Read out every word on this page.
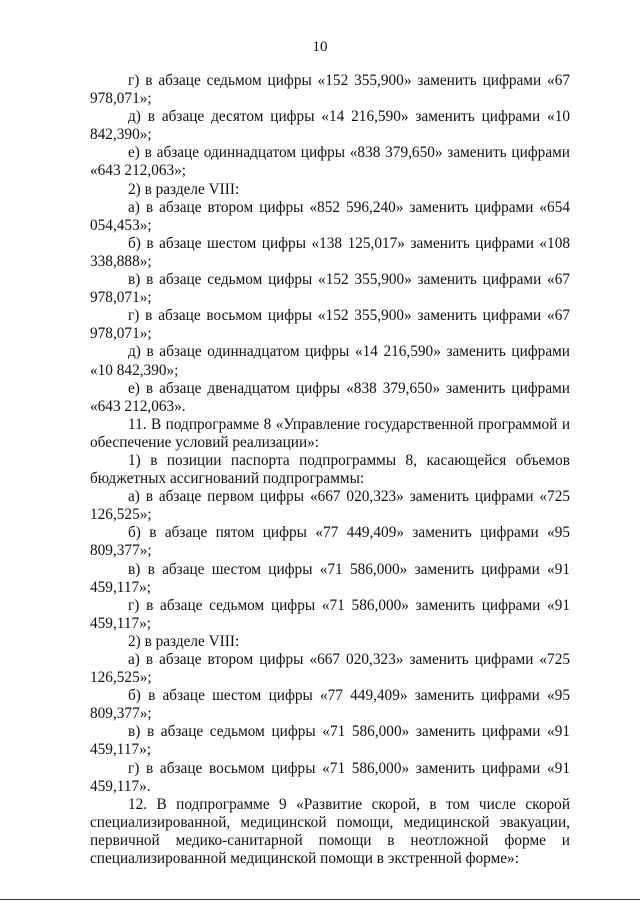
10

г) в абзаце седьмом цифры «152 355,900» заменить цифрами «67 978,071»;

д) в абзаце десятом цифры «14 216,590» заменить цифрами «10 842,390»;

е) в абзаце одиннадцатом цифры «838 379,650» заменить цифрами «643 212,063»;

2) в разделе VIII:

а) в абзаце втором цифры «852 596,240» заменить цифрами «654 054,453»;

б) в абзаце шестом цифры «138 125,017» заменить цифрами «108 338,888»;

в) в абзаце седьмом цифры «152 355,900» заменить цифрами «67 978,071»;

г) в абзаце восьмом цифры «152 355,900» заменить цифрами «67 978,071»;

д) в абзаце одиннадцатом цифры «14 216,590» заменить цифрами «10 842,390»;

е) в абзаце двенадцатом цифры «838 379,650» заменить цифрами «643 212,063».

11. В подпрограмме 8 «Управление государственной программой и обеспечение условий реализации»:

1) в позиции паспорта подпрограммы 8, касающейся объемов бюджетных ассигнований подпрограммы:

а) в абзаце первом цифры «667 020,323» заменить цифрами «725 126,525»;

б) в абзаце пятом цифры «77 449,409» заменить цифрами «95 809,377»;

в) в абзаце шестом цифры «71 586,000» заменить цифрами «91 459,117»;

г) в абзаце седьмом цифры «71 586,000» заменить цифрами «91 459,117»;

2) в разделе VIII:

а) в абзаце втором цифры «667 020,323» заменить цифрами «725 126,525»;

б) в абзаце шестом цифры «77 449,409» заменить цифрами «95 809,377»;

в) в абзаце седьмом цифры «71 586,000» заменить цифрами «91 459,117»;

г) в абзаце восьмом цифры «71 586,000» заменить цифрами «91 459,117».

12. В подпрограмме 9 «Развитие скорой, в том числе скорой специализированной, медицинской помощи, медицинской эвакуации, первичной медико-санитарной помощи в неотложной форме и специализированной медицинской помощи в экстренной форме»:
